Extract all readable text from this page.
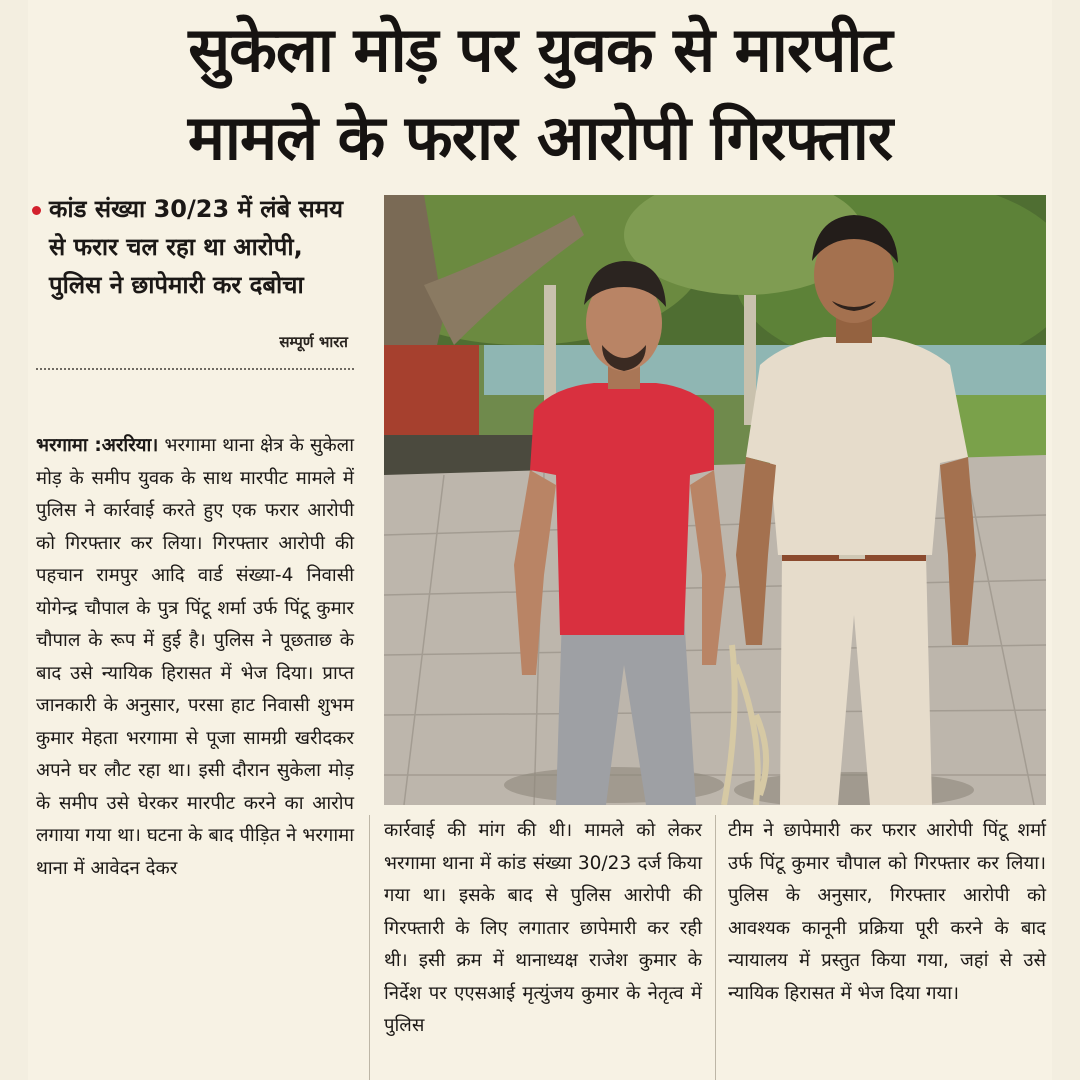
सुकेला मोड़ पर युवक से मारपीट
मामले के फरार आरोपी गिरफ्तार
कांड संख्या 30/23 में लंबे समय से फरार चल रहा था आरोपी, पुलिस ने छापेमारी कर दबोचा
सम्पूर्ण भारत
भरगामा :अररिया। भरगामा थाना क्षेत्र के सुकेला मोड़ के समीप युवक के साथ मारपीट मामले में पुलिस ने कार्रवाई करते हुए एक फरार आरोपी को गिरफ्तार कर लिया। गिरफ्तार आरोपी की पहचान रामपुर आदि वार्ड संख्या-4 निवासी योगेन्द्र चौपाल के पुत्र पिंटू शर्मा उर्फ पिंटू कुमार चौपाल के रूप में हुई है। पुलिस ने पूछताछ के बाद उसे न्यायिक हिरासत में भेज दिया। प्राप्त जानकारी के अनुसार, परसा हाट निवासी शुभम कुमार मेहता भरगामा से पूजा सामग्री खरीदकर अपने घर लौट रहा था। इसी दौरान सुकेला मोड़ के समीप उसे घेरकर मारपीट करने का आरोप लगाया गया था। घटना के बाद पीड़ित ने भरगामा थाना में आवेदन देकर
कार्रवाई की मांग की थी। मामले को लेकर भरगामा थाना में कांड संख्या 30/23 दर्ज किया गया था। इसके बाद से पुलिस आरोपी की गिरफ्तारी के लिए लगातार छापेमारी कर रही थी। इसी क्रम में थानाध्यक्ष राजेश कुमार के निर्देश पर एएसआई मृत्युंजय कुमार के नेतृत्व में पुलिस
टीम ने छापेमारी कर फरार आरोपी पिंटू शर्मा उर्फ पिंटू कुमार चौपाल को गिरफ्तार कर लिया। पुलिस के अनुसार, गिरफ्तार आरोपी को आवश्यक कानूनी प्रक्रिया पूरी करने के बाद न्यायालय में प्रस्तुत किया गया, जहां से उसे न्यायिक हिरासत में भेज दिया गया।
